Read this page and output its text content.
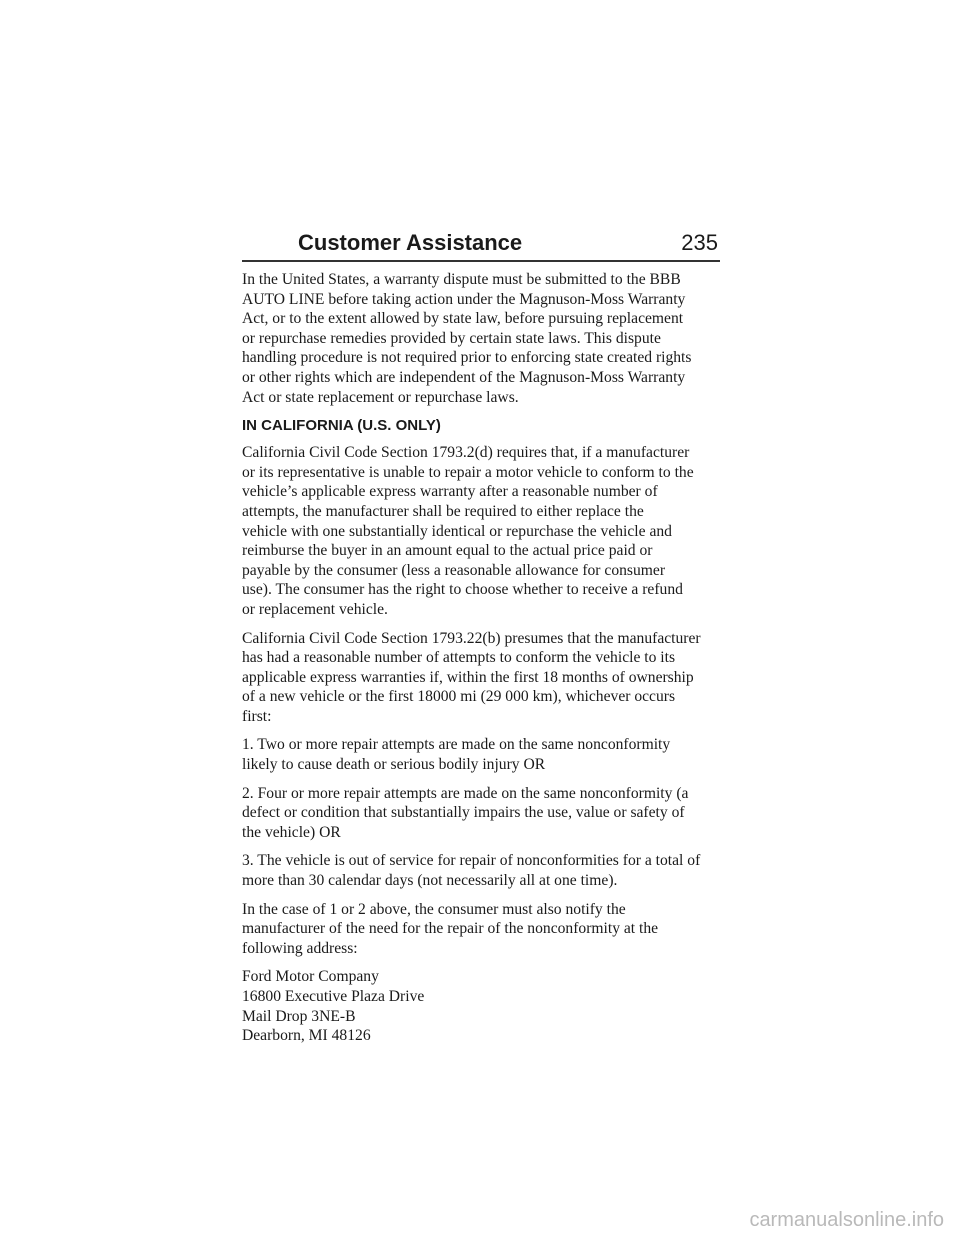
Customer Assistance	235

In the United States, a warranty dispute must be submitted to the BBB
AUTO LINE before taking action under the Magnuson-Moss Warranty
Act, or to the extent allowed by state law, before pursuing replacement
or repurchase remedies provided by certain state laws. This dispute
handling procedure is not required prior to enforcing state created rights
or other rights which are independent of the Magnuson-Moss Warranty
Act or state replacement or repurchase laws.

IN CALIFORNIA (U.S. ONLY)

California Civil Code Section 1793.2(d) requires that, if a manufacturer
or its representative is unable to repair a motor vehicle to conform to the
vehicle’s applicable express warranty after a reasonable number of
attempts, the manufacturer shall be required to either replace the
vehicle with one substantially identical or repurchase the vehicle and
reimburse the buyer in an amount equal to the actual price paid or
payable by the consumer (less a reasonable allowance for consumer
use). The consumer has the right to choose whether to receive a refund
or replacement vehicle.

California Civil Code Section 1793.22(b) presumes that the manufacturer
has had a reasonable number of attempts to conform the vehicle to its
applicable express warranties if, within the first 18 months of ownership
of a new vehicle or the first 18000 mi (29 000 km), whichever occurs
first:

1. Two or more repair attempts are made on the same nonconformity
likely to cause death or serious bodily injury OR

2. Four or more repair attempts are made on the same nonconformity (a
defect or condition that substantially impairs the use, value or safety of
the vehicle) OR

3. The vehicle is out of service for repair of nonconformities for a total of
more than 30 calendar days (not necessarily all at one time).

In the case of 1 or 2 above, the consumer must also notify the
manufacturer of the need for the repair of the nonconformity at the
following address:

Ford Motor Company

16800 Executive Plaza Drive

Mail Drop 3NE-B

Dearborn, MI 48126

carmanualsonline.info
